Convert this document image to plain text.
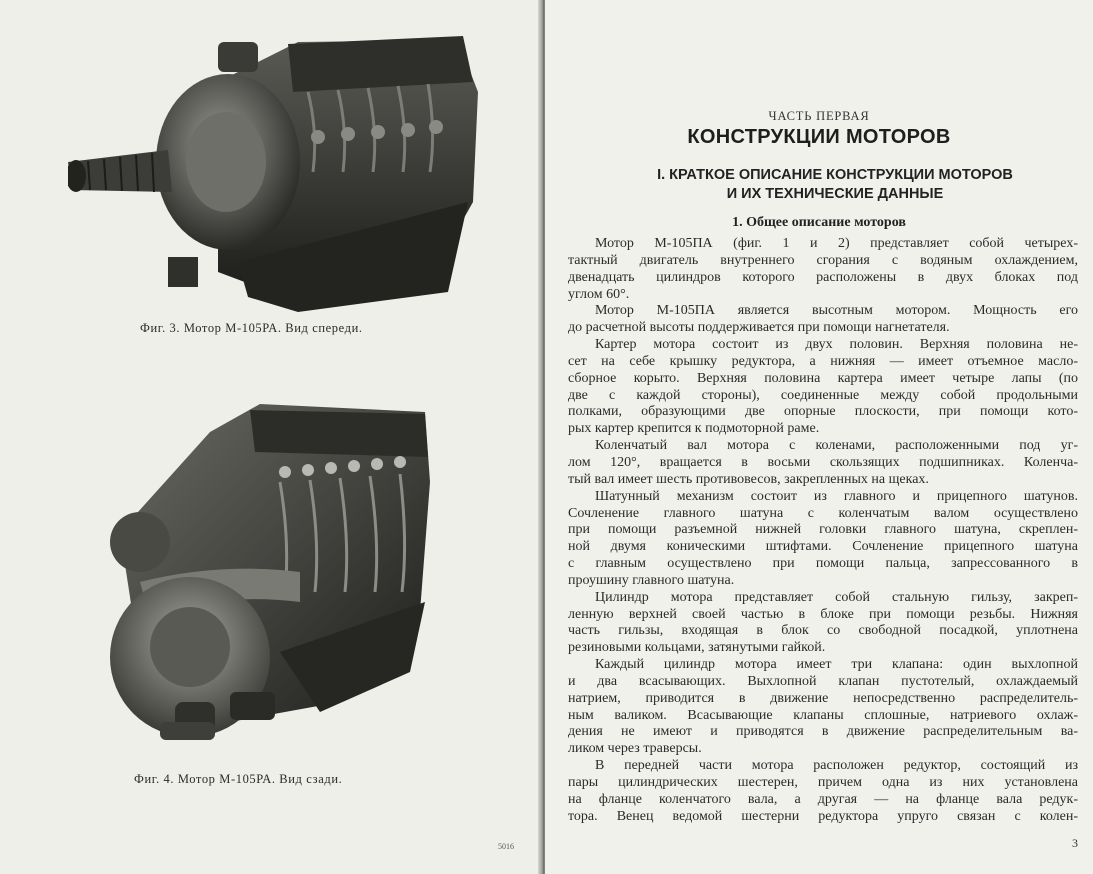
Фиг. 3. Мотор М-105РА. Вид спереди.
Фиг. 4. Мотор М-105РА. Вид сзади.
5016
ЧАСТЬ ПЕРВАЯ
КОНСТРУКЦИИ МОТОРОВ
I. КРАТКОЕ ОПИСАНИЕ КОНСТРУКЦИИ МОТОРОВ
И ИХ ТЕХНИЧЕСКИЕ ДАННЫЕ
1. Общее описание моторов
Мотор М-105ПА (фиг. 1 и 2) представляет собой четырех-
тактный двигатель внутреннего сгорания с водяным охлаждением,
двенадцать цилиндров которого расположены в двух блоках под
углом 60°.
Мотор М-105ПА является высотным мотором. Мощность его
до расчетной высоты поддерживается при помощи нагнетателя.
Картер мотора состоит из двух половин. Верхняя половина не-
сет на себе крышку редуктора, а нижняя — имеет отъемное масло-
сборное корыто. Верхняя половина картера имеет четыре лапы (по
две с каждой стороны), соединенные между собой продольными
полками, образующими две опорные плоскости, при помощи кото-
рых картер крепится к подмоторной раме.
Коленчатый вал мотора с коленами, расположенными под уг-
лом 120°, вращается в восьми скользящих подшипниках. Коленча-
тый вал имеет шесть противовесов, закрепленных на щеках.
Шатунный механизм состоит из главного и прицепного шатунов.
Сочленение главного шатуна с коленчатым валом осуществлено
при помощи разъемной нижней головки главного шатуна, скреплен-
ной двумя коническими штифтами. Сочленение прицепного шатуна
с главным осуществлено при помощи пальца, запрессованного в
проушину главного шатуна.
Цилиндр мотора представляет собой стальную гильзу, закреп-
ленную верхней своей частью в блоке при помощи резьбы. Нижняя
часть гильзы, входящая в блок со свободной посадкой, уплотнена
резиновыми кольцами, затянутыми гайкой.
Каждый цилиндр мотора имеет три клапана: один выхлопной
и два всасывающих. Выхлопной клапан пустотелый, охлаждаемый
натрием, приводится в движение непосредственно распределитель-
ным валиком. Всасывающие клапаны сплошные, натриевого охлаж-
дения не имеют и приводятся в движение распределительным ва-
ликом через траверсы.
В передней части мотора расположен редуктор, состоящий из
пары цилиндрических шестерен, причем одна из них установлена
на фланце коленчатого вала, а другая — на фланце вала редук-
тора. Венец ведомой шестерни редуктора упруго связан с колен-
3
